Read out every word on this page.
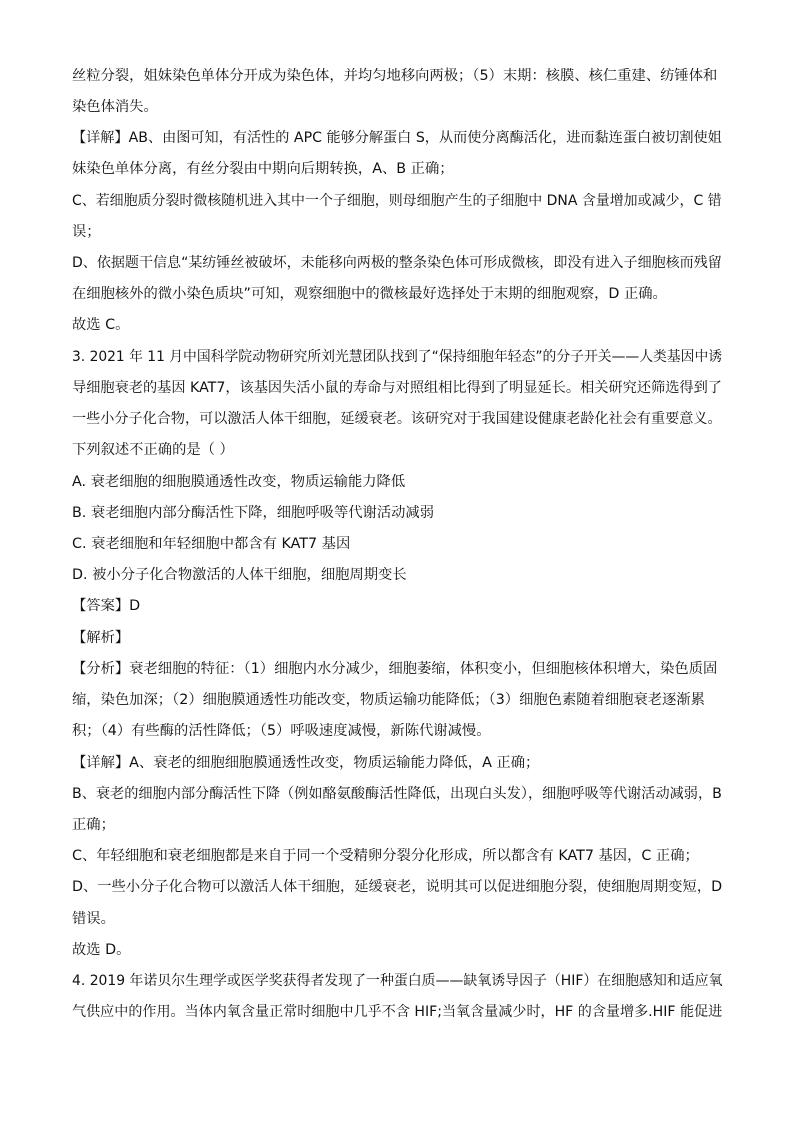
丝粒分裂，姐妹染色单体分开成为染色体，并均匀地移向两极；（5）末期：核膜、核仁重建、纺锤体和
染色体消失。
【详解】AB、由图可知，有活性的 APC 能够分解蛋白 S，从而使分离酶活化，进而黏连蛋白被切割使姐
妹染色单体分离，有丝分裂由中期向后期转换，A、B 正确；
C、若细胞质分裂时微核随机进入其中一个子细胞，则母细胞产生的子细胞中 DNA 含量增加或减少，C 错
误；
D、依据题干信息“某纺锤丝被破坏，未能移向两极的整条染色体可形成微核，即没有进入子细胞核而残留
在细胞核外的微小染色质块”可知，观察细胞中的微核最好选择处于末期的细胞观察，D 正确。
故选 C。
3. 2021 年 11 月中国科学院动物研究所刘光慧团队找到了“保持细胞年轻态”的分子开关——人类基因中诱
导细胞衰老的基因 KAT7，该基因失活小鼠的寿命与对照组相比得到了明显延长。相关研究还筛选得到了
一些小分子化合物，可以激活人体干细胞，延缓衰老。该研究对于我国建设健康老龄化社会有重要意义。
下列叙述不正确的是（ ）
A. 衰老细胞的细胞膜通透性改变，物质运输能力降低
B. 衰老细胞内部分酶活性下降，细胞呼吸等代谢活动减弱
C. 衰老细胞和年轻细胞中都含有 KAT7 基因
D. 被小分子化合物激活的人体干细胞，细胞周期变长
【答案】D
【解析】
【分析】衰老细胞的特征：（1）细胞内水分减少，细胞萎缩，体积变小，但细胞核体积增大，染色质固
缩，染色加深；（2）细胞膜通透性功能改变，物质运输功能降低；（3）细胞色素随着细胞衰老逐渐累
积；（4）有些酶的活性降低；（5）呼吸速度减慢，新陈代谢减慢。
【详解】A、衰老的细胞细胞膜通透性改变，物质运输能力降低，A 正确；
B、衰老的细胞内部分酶活性下降（例如酪氨酸酶活性降低，出现白头发），细胞呼吸等代谢活动减弱，B
正确；
C、年轻细胞和衰老细胞都是来自于同一个受精卵分裂分化形成，所以都含有 KAT7 基因，C 正确；
D、一些小分子化合物可以激活人体干细胞，延缓衰老，说明其可以促进细胞分裂，使细胞周期变短，D
错误。
故选 D。
4. 2019 年诺贝尔生理学或医学奖获得者发现了一种蛋白质——缺氧诱导因子（HIF）在细胞感知和适应氧
气供应中的作用。当体内氧含量正常时细胞中几乎不含 HIF;当氧含量减少时，HF 的含量增多.HIF 能促进
